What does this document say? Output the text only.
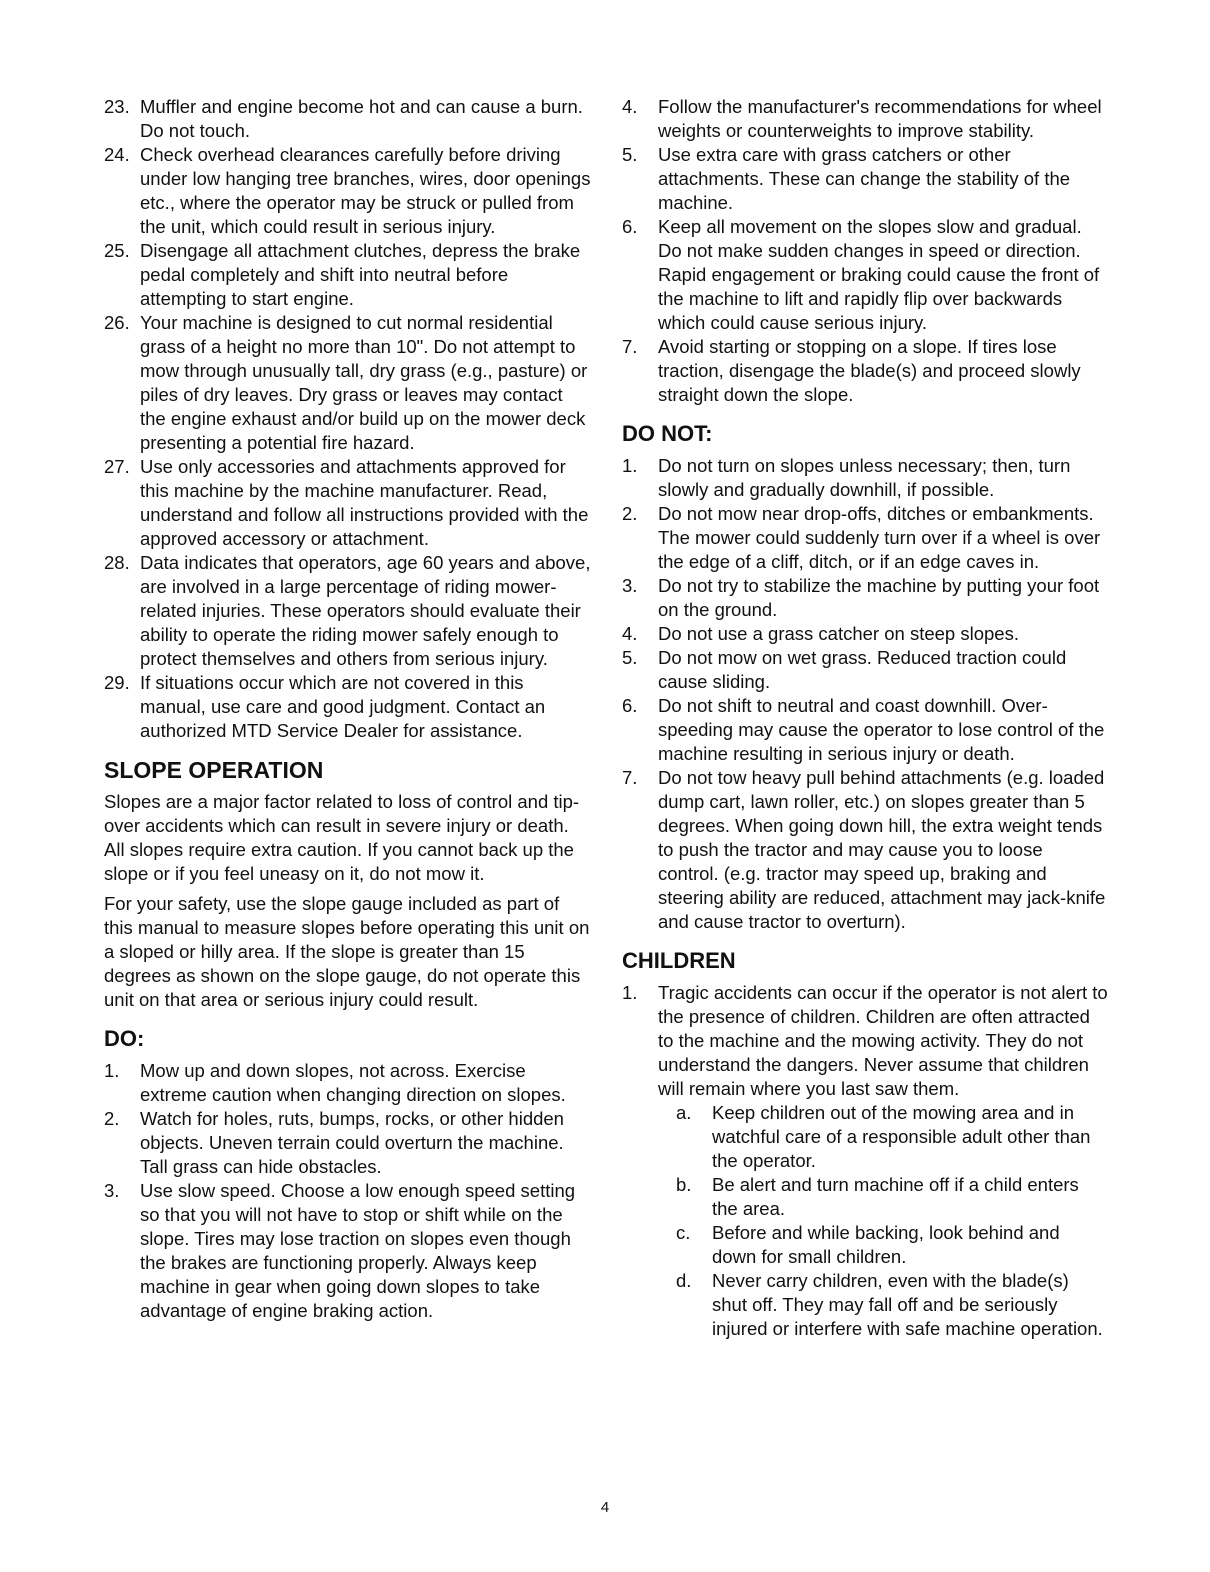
23. Muffler and engine become hot and can cause a burn. Do not touch.
24. Check overhead clearances carefully before driving under low hanging tree branches, wires, door openings etc., where the operator may be struck or pulled from the unit, which could result in serious injury.
25. Disengage all attachment clutches, depress the brake pedal completely and shift into neutral before attempting to start engine.
26. Your machine is designed to cut normal residential grass of a height no more than 10". Do not attempt to mow through unusually tall, dry grass (e.g., pasture) or piles of dry leaves. Dry grass or leaves may contact the engine exhaust and/or build up on the mower deck presenting a potential fire hazard.
27. Use only accessories and attachments approved for this machine by the machine manufacturer. Read, understand and follow all instructions provided with the approved accessory or attachment.
28. Data indicates that operators, age 60 years and above, are involved in a large percentage of riding mower-related injuries. These operators should evaluate their ability to operate the riding mower safely enough to protect themselves and others from serious injury.
29. If situations occur which are not covered in this manual, use care and good judgment. Contact an authorized MTD Service Dealer for assistance.
SLOPE OPERATION

Slopes are a major factor related to loss of control and tip-over accidents which can result in severe injury or death. All slopes require extra caution. If you cannot back up the slope or if you feel uneasy on it, do not mow it.

For your safety, use the slope gauge included as part of this manual to measure slopes before operating this unit on a sloped or hilly area. If the slope is greater than 15 degrees as shown on the slope gauge, do not operate this unit on that area or serious injury could result.

DO:
1.	Mow up and down slopes, not across. Exercise extreme caution when changing direction on slopes.
2.	Watch for holes, ruts, bumps, rocks, or other hidden objects. Uneven terrain could overturn the machine. Tall grass can hide obstacles.
3.	Use slow speed. Choose a low enough speed setting so that you will not have to stop or shift while on the slope. Tires may lose traction on slopes even though the brakes are functioning properly. Always keep machine in gear when going down slopes to take advantage of engine braking action.
4.	Follow the manufacturer's recommendations for wheel weights or counterweights to improve stability.
5.	Use extra care with grass catchers or other attachments. These can change the stability of the machine.
6.	Keep all movement on the slopes slow and gradual. Do not make sudden changes in speed or direction. Rapid engagement or braking could cause the front of the machine to lift and rapidly flip over backwards which could cause serious injury.
7.	Avoid starting or stopping on a slope. If tires lose traction, disengage the blade(s) and proceed slowly straight down the slope.
DO NOT:
1.	Do not turn on slopes unless necessary; then, turn slowly and gradually downhill, if possible.
2.	Do not mow near drop-offs, ditches or embankments. The mower could suddenly turn over if a wheel is over the edge of a cliff, ditch, or if an edge caves in.
3.	Do not try to stabilize the machine by putting your foot on the ground.
4.	Do not use a grass catcher on steep slopes.
5.	Do not mow on wet grass. Reduced traction could cause sliding.
6.	Do not shift to neutral and coast downhill. Over-speeding may cause the operator to lose control of the machine resulting in serious injury or death.
7.	Do not tow heavy pull behind attachments (e.g. loaded dump cart, lawn roller, etc.) on slopes greater than 5 degrees. When going down hill, the extra weight tends to push the tractor and may cause you to loose control. (e.g. tractor may speed up, braking and steering ability are reduced, attachment may jack-knife and cause tractor to overturn).
CHILDREN
1.	Tragic accidents can occur if the operator is not alert to the presence of children. Children are often attracted to the machine and the mowing activity. They do not understand the dangers. Never assume that children will remain where you last saw them.
a.	Keep children out of the mowing area and in watchful care of a responsible adult other than the operator.
b.	Be alert and turn machine off if a child enters the area.
c.	Before and while backing, look behind and down for small children.
d.	Never carry children, even with the blade(s) shut off. They may fall off and be seriously injured or interfere with safe machine operation.
4
